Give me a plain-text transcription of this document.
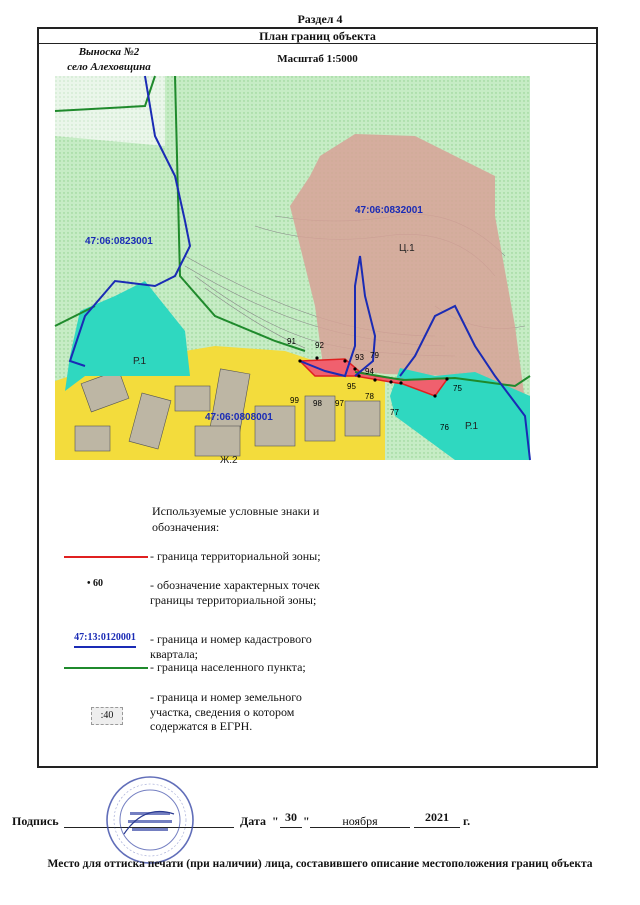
Раздел 4
План границ объекта
Масштаб 1:5000
Выноска №2
село Алеховщина
47:06:0832001
47:06:0823001
47:06:0808001
Ц.1
Р.1
Р.1
Ж.2
91 92
93 79
94
95
78
77
76
75
99 98 97
Используемые условные знаки и обозначения:
- граница территориальной зоны;
• 60	- обозначение характерных точек границы территориальной зоны;
47:13:0120001 - граница и номер кадастрового квартала;
- граница населенного пункта;
:40
- граница и номер земельного участка, сведения о котором содержатся в ЕГРН.
Подпись	Дата " 30 "	ноября	2021	г.
Место для оттиска печати (при наличии) лица, составившего описание местоположения границ объекта
